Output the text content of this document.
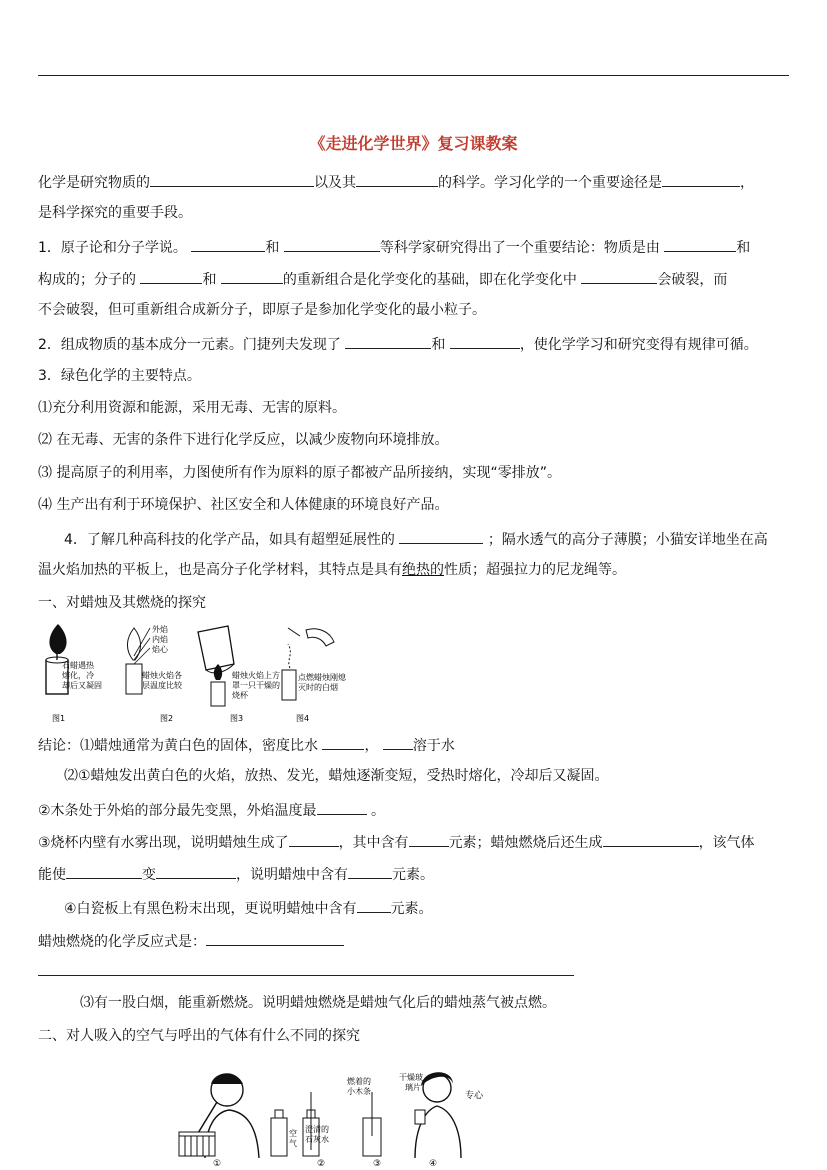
《走进化学世界》复习课教案
化学是研究物质的	以及其	的科学。学习化学的一个重要途径是	，
是科学探究的重要手段。
1．原子论和分子学说。	和	等科学家研究得出了一个重要结论：物质是由	和
构成的；分子的	和	的重新组合是化学变化的基础，即在化学变化中	会破裂，而
不会破裂，但可重新组合成新分子，即原子是参加化学变化的最小粒子。
2．组成物质的基本成分一元素。门捷列夫发现了	和	，使化学学习和研究变得有规律可循。
3．绿色化学的主要特点。
⑴充分利用资源和能源，采用无毒、无害的原料。
⑵ 在无毒、无害的条件下进行化学反应，以减少废物向环境排放。
⑶ 提高原子的利用率，力图使所有作为原料的原子都被产品所接纳，实现“零排放”。
⑷ 生产出有利于环境保护、社区安全和人体健康的环境良好产品。
4．了解几种高科技的化学产品，如具有超塑延展性的	；隔水透气的高分子薄膜；小猫安详地坐在高
温火焰加热的平板上，也是高分子化学材料，其特点是具有绝热的性质；超强拉力的尼龙绳等。
一、对蜡烛及其燃烧的探究
石蜡遇热
熔化，冷
却后又凝固
图1
外焰
内焰
焰心
蜡烛火焰各
层温度比较
图2
蜡烛火焰上方
罩一只干燥的
烧杯
图3
点燃蜡烛刚熄
灭时的白烟
图4
结论：⑴蜡烛通常为黄白色的固体，密度比水	， 溶于水
⑵①蜡烛发出黄白色的火焰，放热、发光，蜡烛逐渐变短，受热时熔化，冷却后又凝固。
②木条处于外焰的部分最先变黑，外焰温度最	。
③烧杯内壁有水雾出现，说明蜡烛生成了	，其中含有	元素；蜡烛燃烧后还生成	，该气体
能使	变	，说明蜡烛中含有	元素。
④白瓷板上有黑色粉末出现，更说明蜡烛中含有 元素。
蜡烛燃烧的化学反应式是：
⑶有一股白烟，能重新燃烧。说明蜡烛燃烧是蜡烛气化后的蜡烛蒸气被点燃。
二、对人吸入的空气与呼出的气体有什么不同的探究
①
空
气
澄清的
石灰水
②
燃着的
小木条
③
干燥玻
璃片
专心
④
